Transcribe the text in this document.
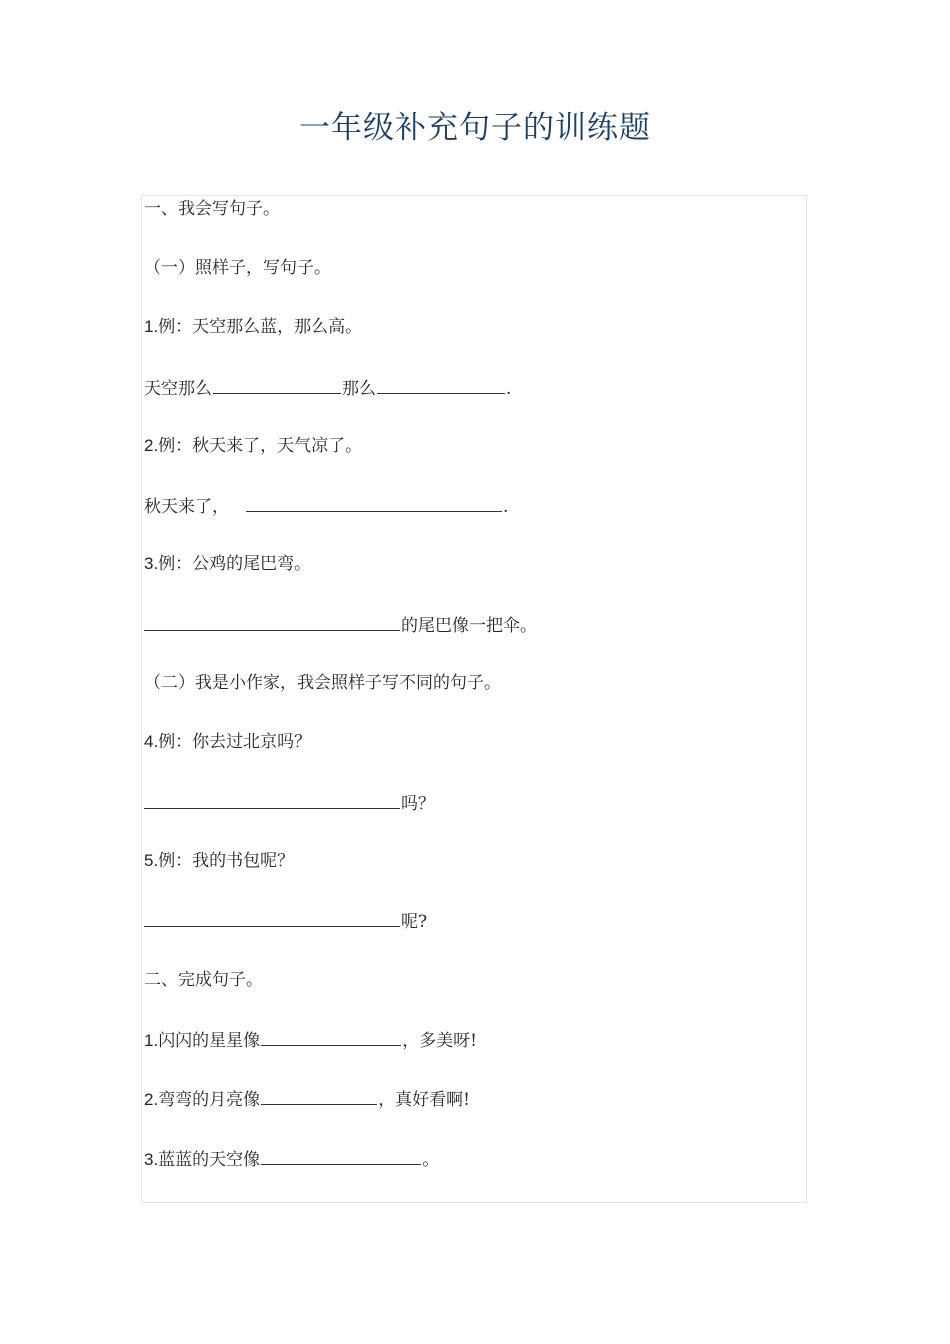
一年级补充句子的训练题
一、我会写句子。
（一）照样子，写句子。
1.例：天空那么蓝，那么高。
天空那么	那么	.
2.例：秋天来了，天气凉了。
秋天来了，	.
3.例：公鸡的尾巴弯。
的尾巴像一把伞。
（二）我是小作家，我会照样子写不同的句子。
4.例：你去过北京吗？
吗？
5.例：我的书包呢？
呢?
二、完成句子。
1.闪闪的星星像	，多美呀!
2.弯弯的月亮像	，真好看啊!
3.蓝蓝的天空像	。
